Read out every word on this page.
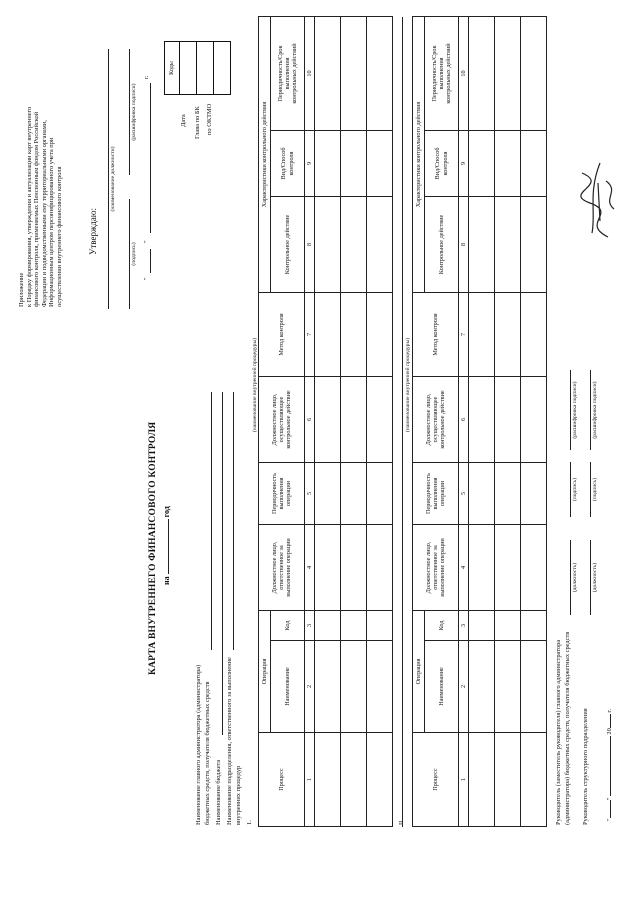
Приложение к Порядку формирования, утверждения и актуализации карт внутреннего финансового контроля, применяемых Пенсионным фондом Российской Федерации и подведомственными ему территориальными органами, Информационным центром персонифицированного учета при осуществлении внутреннего финансового контроля	Утверждаю:
(наименование должности)
(подпись)
(расшифровка подписи)
"
"
г.
Коды

Дата Глава по БК по ОКТМО
КАРТА ВНУТРЕННЕГО ФИНАНСОВОГО КОНТРОЛЯ на  год
Наименование главного администратора (администратора) бюджетных средств, получателя бюджетных средств Наименование бюджета Наименование подразделения, ответственного за выполнение внутренних процедур 1.
(наименование внутренней процедуры)
Процесс	Операция		Должностное лицо,
ответственное за
выполнение операции	Периодичность
выполнения
операции	Должностное лицо,
осуществляющее
контрольное действие	Метод контроля	Характеристики контрольного действия		
	Наименование	Код					Контрольное действие	Вид/Способ
контроля	Периодичность/Срок
выполнения
контрольных действий
1	2	3	4	5	6	7	8	9	10

II.
(наименование внутренней процедуры)
Процесс	Операция		Должностное лицо,
ответственное за
выполнение операции	Периодичность
выполнения
операции	Должностное лицо,
осуществляющее
контрольное действие	Метод контроля	Характеристики контрольного действия		
	Наименование	Код					Контрольное действие	Вид/Способ
контроля	Периодичность/Срок
выполнения
контрольных действий
1	2	3	4	5	6	7	8	9	10

Руководитель (заместитель руководителя) главного администратора (администратора) бюджетных средств, получателя бюджетных средств
(должность)
(подпись)
(расшифровка подписи)
Руководитель структурного подразделения
(должность)
(подпись)
(расшифровка подписи)
""  20 г.
